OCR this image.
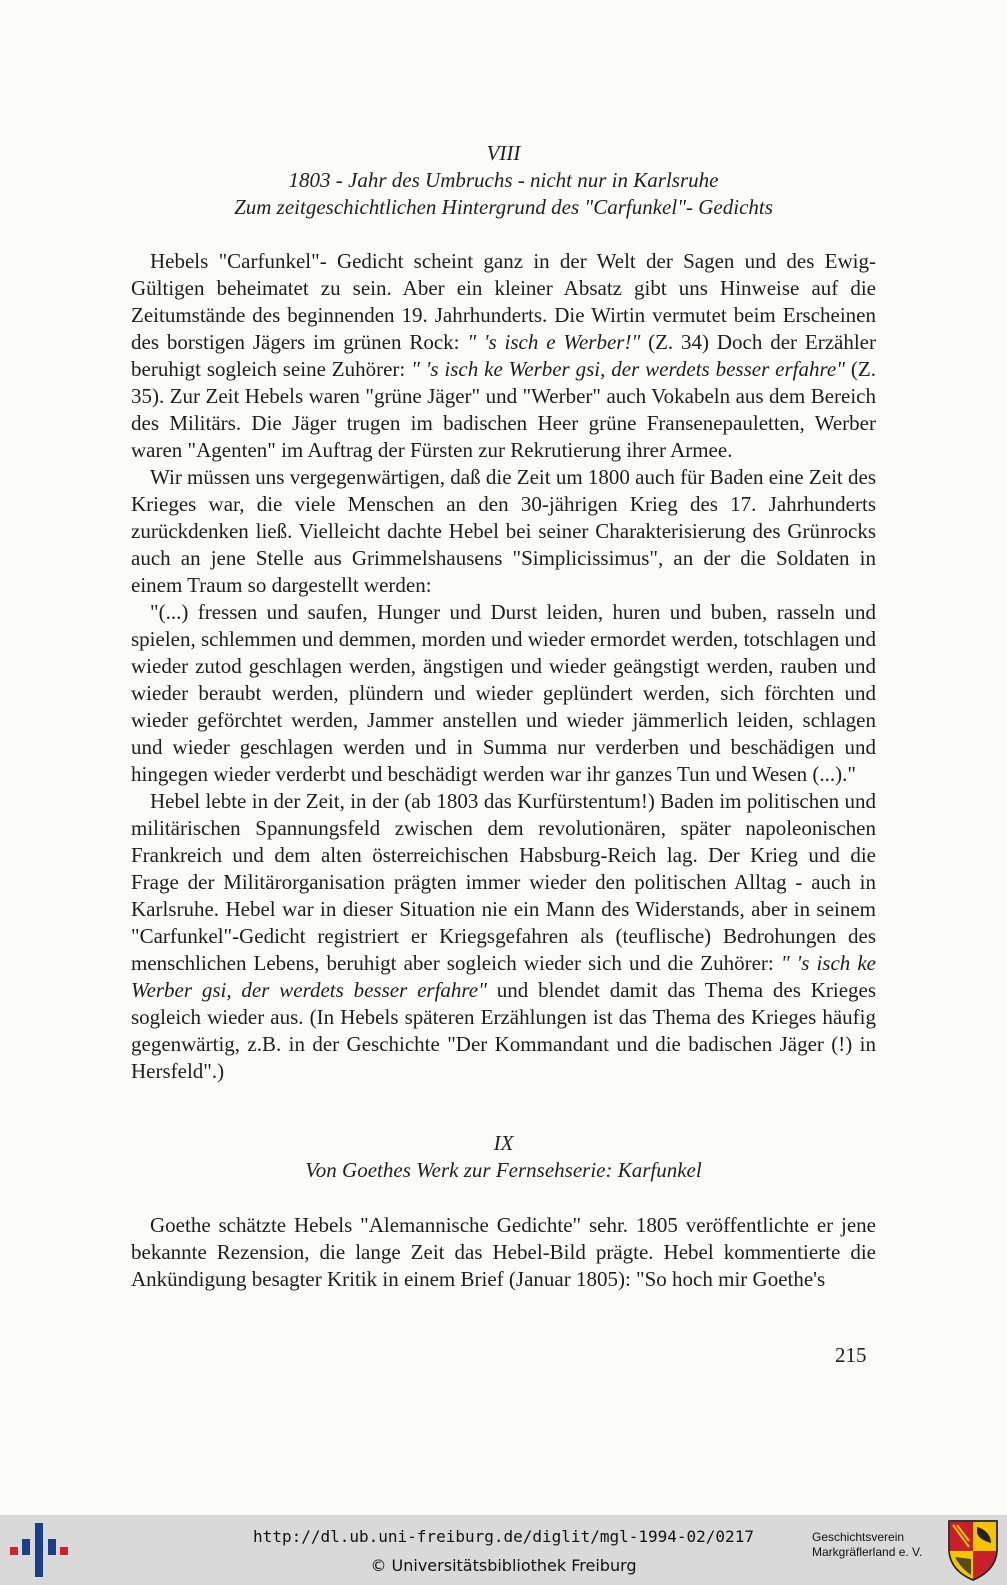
VIII
1803 - Jahr des Umbruchs - nicht nur in Karlsruhe
Zum zeitgeschichtlichen Hintergrund des "Carfunkel"- Gedichts

Hebels "Carfunkel"- Gedicht scheint ganz in der Welt der Sagen und des Ewig-Gültigen beheimatet zu sein. Aber ein kleiner Absatz gibt uns Hinweise auf die Zeitumstände des beginnenden 19. Jahrhunderts. Die Wirtin vermutet beim Erscheinen des borstigen Jägers im grünen Rock: " 's isch e Werber!" (Z. 34) Doch der Erzähler beruhigt sogleich seine Zuhörer: " 's isch ke Werber gsi, der werdets besser erfahre" (Z. 35). Zur Zeit Hebels waren "grüne Jäger" und "Werber" auch Vokabeln aus dem Bereich des Militärs. Die Jäger trugen im badischen Heer grüne Fransenepauletten, Werber waren "Agenten" im Auftrag der Fürsten zur Rekrutierung ihrer Armee.

Wir müssen uns vergegenwärtigen, daß die Zeit um 1800 auch für Baden eine Zeit des Krieges war, die viele Menschen an den 30-jährigen Krieg des 17. Jahrhunderts zurückdenken ließ. Vielleicht dachte Hebel bei seiner Charakterisierung des Grünrocks auch an jene Stelle aus Grimmelshausens "Simplicissimus", an der die Soldaten in einem Traum so dargestellt werden:

"(...) fressen und saufen, Hunger und Durst leiden, huren und buben, rasseln und spielen, schlemmen und demmen, morden und wieder ermordet werden, totschlagen und wieder zutod geschlagen werden, ängstigen und wieder geängstigt werden, rauben und wieder beraubt werden, plündern und wieder geplündert werden, sich förchten und wieder geförchtet werden, Jammer anstellen und wieder jämmerlich leiden, schlagen und wieder geschlagen werden und in Summa nur verderben und beschädigen und hingegen wieder verderbt und beschädigt werden war ihr ganzes Tun und Wesen (...)."

Hebel lebte in der Zeit, in der (ab 1803 das Kurfürstentum!) Baden im politischen und militärischen Spannungsfeld zwischen dem revolutionären, später napoleonischen Frankreich und dem alten österreichischen Habsburg-Reich lag. Der Krieg und die Frage der Militärorganisation prägten immer wieder den politischen Alltag - auch in Karlsruhe. Hebel war in dieser Situation nie ein Mann des Widerstands, aber in seinem "Carfunkel"-Gedicht registriert er Kriegsgefahren als (teuflische) Bedrohungen des menschlichen Lebens, beruhigt aber sogleich wieder sich und die Zuhörer: " 's isch ke Werber gsi, der werdets besser erfahre" und blendet damit das Thema des Krieges sogleich wieder aus. (In Hebels späteren Erzählungen ist das Thema des Krieges häufig gegenwärtig, z.B. in der Geschichte "Der Kommandant und die badischen Jäger (!) in Hersfeld".)

IX
Von Goethes Werk zur Fernsehserie: Karfunkel

Goethe schätzte Hebels "Alemannische Gedichte" sehr. 1805 veröffentlichte er jene bekannte Rezension, die lange Zeit das Hebel-Bild prägte. Hebel kommentierte die Ankündigung besagter Kritik in einem Brief (Januar 1805): "So hoch mir Goethe's

215
http://dl.ub.uni-freiburg.de/diglit/mgl-1994-02/0217
© Universitätsbibliothek Freiburg
Geschichtsverein
Markgräflerland e. V.
